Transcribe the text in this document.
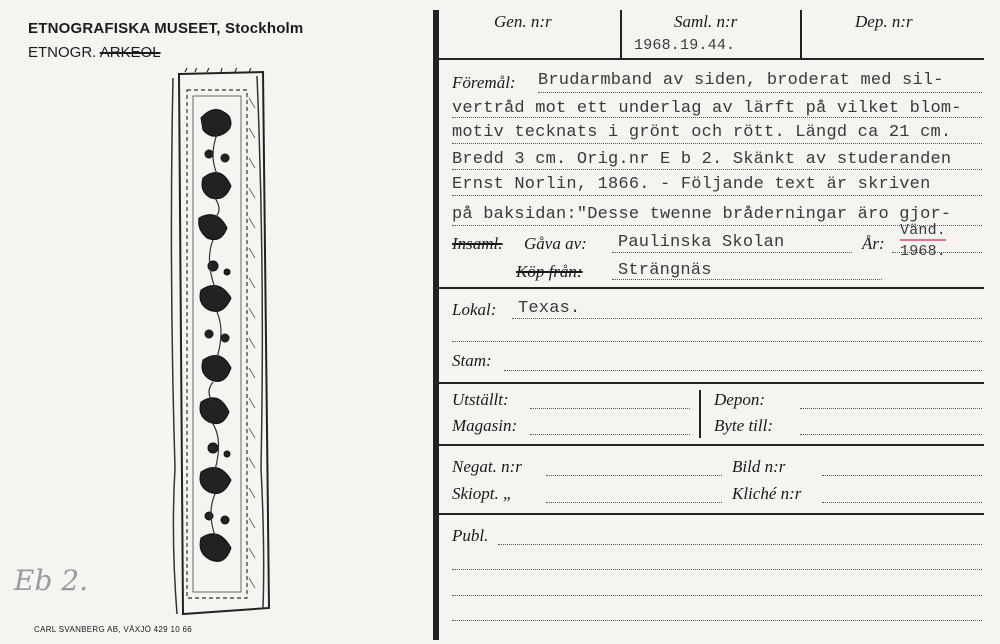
ETNOGRAFISKA MUSEET, Stockholm
ETNOGR. ARKEOL
Eb 2.
CARL SVANBERG AB, VÄXJÖ 429 10 66
Gen. n:r	Saml. n:r	Dep. n:r
1968.19.44.
Föremål: Brudarmband av siden, broderat med sil-
vertråd mot ett underlag av lärft på vilket blom-
motiv tecknats i grönt och rött. Längd ca 21 cm.
Bredd 3 cm. Orig.nr E b 2. Skänkt av studeranden
Ernst Norlin, 1866. - Följande text är skriven
på baksidan:"Desse twenne bråderningar äro gjor-
Insaml. Gåva av: Paulinska Skolan	År:
Vänd.
1968.
Köp från: Strängnäs
Lokal: Texas.
Stam:
Utställt:
Magasin:
Depon:
Byte till:
Negat. n:r
Skiopt. „
Bild n:r
Kliché n:r
Publ.
